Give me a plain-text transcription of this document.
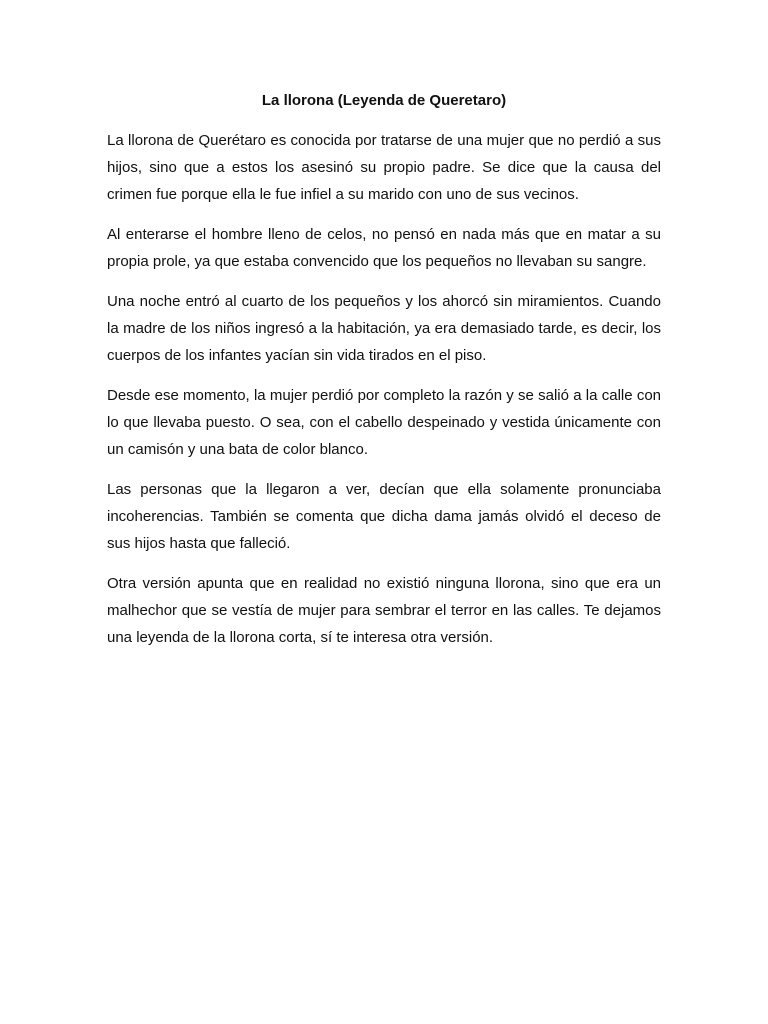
La llorona (Leyenda de Queretaro)

La llorona de Querétaro es conocida por tratarse de una mujer que no perdió a sus hijos, sino que a estos los asesinó su propio padre. Se dice que la causa del crimen fue porque ella le fue infiel a su marido con uno de sus vecinos.

Al enterarse el hombre lleno de celos, no pensó en nada más que en matar a su propia prole, ya que estaba convencido que los pequeños no llevaban su sangre.

Una noche entró al cuarto de los pequeños y los ahorcó sin miramientos. Cuando la madre de los niños ingresó a la habitación, ya era demasiado tarde, es decir, los cuerpos de los infantes yacían sin vida tirados en el piso.

Desde ese momento, la mujer perdió por completo la razón y se salió a la calle con lo que llevaba puesto. O sea, con el cabello despeinado y vestida únicamente con un camisón y una bata de color blanco.

Las personas que la llegaron a ver, decían que ella solamente pronunciaba incoherencias. También se comenta que dicha dama jamás olvidó el deceso de sus hijos hasta que falleció.

Otra versión apunta que en realidad no existió ninguna llorona, sino que era un malhechor que se vestía de mujer para sembrar el terror en las calles. Te dejamos una leyenda de la llorona corta, sí te interesa otra versión.
